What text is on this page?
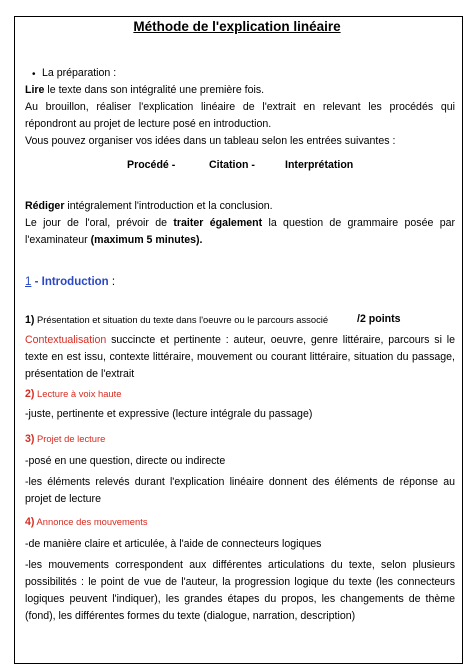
Méthode de l'explication linéaire
• La préparation :
Lire le texte dans son intégralité une première fois.
Au brouillon, réaliser l'explication linéaire de l'extrait en relevant les procédés qui répondront au projet de lecture posé en introduction.
Vous pouvez organiser vos idées dans un tableau selon les entrées suivantes :
Procédé -	Citation -	Interprétation
Rédiger intégralement l'introduction et la conclusion.
Le jour de l'oral, prévoir de traiter également la question de grammaire posée par l'examinateur (maximum 5 minutes).
1 - Introduction :
1) Présentation et situation du texte dans l'oeuvre ou le parcours associé	/2 points
Contextualisation succincte et pertinente : auteur, oeuvre, genre littéraire, parcours si le texte en est issu, contexte littéraire, mouvement ou courant littéraire, situation du passage, présentation de l'extrait
2) Lecture à voix haute
-juste, pertinente et expressive (lecture intégrale du passage)
3) Projet de lecture
-posé en une question, directe ou indirecte
-les éléments relevés durant l'explication linéaire donnent des éléments de réponse au projet de lecture
4) Annonce des mouvements
-de manière claire et articulée, à l'aide de connecteurs logiques
-les mouvements correspondent aux différentes articulations du texte, selon plusieurs possibilités : le point de vue de l'auteur, la progression logique du texte (les connecteurs logiques peuvent l'indiquer), les grandes étapes du propos, les changements de thème (fond), les différentes formes du texte (dialogue, narration, description)
